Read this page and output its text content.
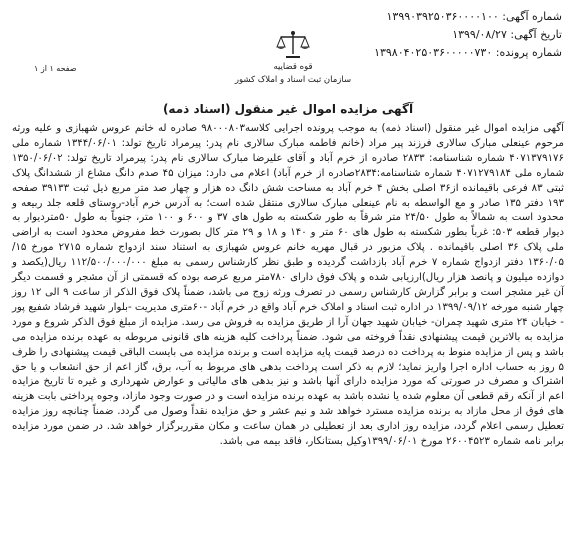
شماره آگهی: ۱۳۹۹۰۳۹۲۵۰۳۶۰۰۰۰۱۰۰
تاریخ آگهی: ۱۳۹۹/۰۸/۲۷
شماره پرونده: ۱۳۹۸۰۴۰۲۵۰۳۶۰۰۰۰۰۷۳۰
قوه قضاییه
سازمان ثبت اسناد و املاک کشور
صفحه ۱ از ۱
آگهی مزایده اموال غیر منقول (اسناد ذمه)

آگهی مزایده اموال غیر منقول (اسناد ذمه) به موجب پرونده اجرایی کلاسه۹۸۰۰۰۸۰۳ صادره له خانم عروس شهبازی و علیه ورثه مرحوم عینعلی مبارک سالاری فرزند پیر مراد (خانم فاطمه مبارک سالاری نام پدر: پیرمراد تاریخ تولد: ۱۳۴۴/۰۶/۰۱ شماره ملی ۴۰۷۱۳۷۹۱۷۶ شماره شناسنامه: ۲۸۳۳ صادره از خرم آباد و آقای علیرضا مبارک سالاری نام پدر: پیرمراد تاریخ تولد: ۱۳۵۰/۰۶/۰۲ شماره ملی ۴۰۷۱۲۷۹۱۸۴ شماره شناسنامه:۲۸۳۴صادره از خرم آباد) اعلام می دارد: میزان ۴۵ صدم دانگ مشاع از ششدانگ پلاک ثبتی ۸۳ فرعی باقیمانده از۳۶ اصلی بخش ۴ خرم آباد به مساحت شش دانگ ده هزار و چهار صد متر مربع ذیل ثبت ۳۹۱۳۳ صفحه ۱۹۳ دفتر ۱۳۵ صادر و مع الواسطه به نام عینعلی مبارک سالاری منتقل شده است؛ به آدرس خرم آباد-روستای قلعه جلد ربیعه و محدود است به شمالاً به طول ۲۴/۵۰ متر شرقاً به طور شکسته به طول های ۳۷ و ۶۰۰ و ۱۰۰ متر، جنوباً به طول ۵۰متردیوار به دیوار قطعه ۵۰۳: غرباً بطور شکسته به طول های ۶۰ متر و ۱۴۰ و ۱۸ و ۲۹ متر کال بصورت خط مفروض محدود است به اراضی ملی پلاک ۳۶ اصلی باقیمانده . پلاک مزبور در قبال مهریه خانم عروس شهبازی به استناد سند ازدواج شماره ۲۷۱۵ مورخ ۱۵/ ۱۳۶۰/۰۵ دفتر ازدواج شماره ۷ خرم آباد بازداشت گردیده و طبق نظر کارشناس رسمی به مبلغ ۱۱۲/۵۰۰/۰۰۰/۰۰۰ ریال(یکصد و دوازده میلیون و پانصد هزار ریال)ارزیابی شده و پلاک فوق دارای ۷۸۰متر مربع عرصه بوده که قسمتی از آن مشجر و قسمت دیگر آن غیر مشجر است و برابر گزارش کارشناس رسمی در تصرف ورثه زوج می باشد، ضمناً پلاک فوق الذکر از ساعت ۹ الی ۱۲ روز چهار شنبه مورخه ۱۳۹۹/۰۹/۱۲ در اداره ثبت اسناد و املاک خرم آباد واقع در خرم آباد -۶۰متری مدیریت -بلوار شهید فرشاد شفیع پور - خیابان ۲۴ متری شهید چمران- خیابان شهید جهان آرا از طریق مزایده به فروش می رسد. مزایده از مبلغ فوق الذکر شروع و مورد مزایده به بالاترین قیمت پیشنهادی نقداً فروخته می شود. ضمناً پرداخت کلیه هزینه های قانونی مربوطه به عهده برنده مزایده می باشد و پس از مزایده منوط به پرداخت ده درصد قیمت پایه مزایده است و برنده مزایده می بایست الباقی قیمت پیشنهادی را ظرف ۵ روز به حساب اداره اجرا واریز نماید؛ لازم به ذکر است پرداخت بدهی های مربوط به آب، برق، گاز اعم از حق انشعاب و یا حق اشتراک و مصرف در صورتی که مورد مزایده دارای آنها باشد و نیز بدهی های مالیاتی و عوارض شهرداری و غیره تا تاریخ مزایده اعم از آنکه رقم قطعی آن معلوم شده یا نشده باشد به عهده برنده مزایده است و در صورت وجود مازاد، وجوه پرداختی بابت هزینه های فوق از محل مازاد به برنده مزایده مسترد خواهد شد و نیم عشر و حق مزایده نقداً وصول می گردد. ضمناً چنانچه روز مزایده تعطیل رسمی اعلام گردد، مزایده روز اداری بعد از تعطیلی در همان ساعت و مکان مقرربرگزار خواهد شد. در ضمن مورد مزایده برابر نامه شماره ۲۶۰۰۴۵۲۳ مورخ ۱۳۹۹/۰۶/۰۱وکیل بستانکار، فاقد بیمه می باشد.
